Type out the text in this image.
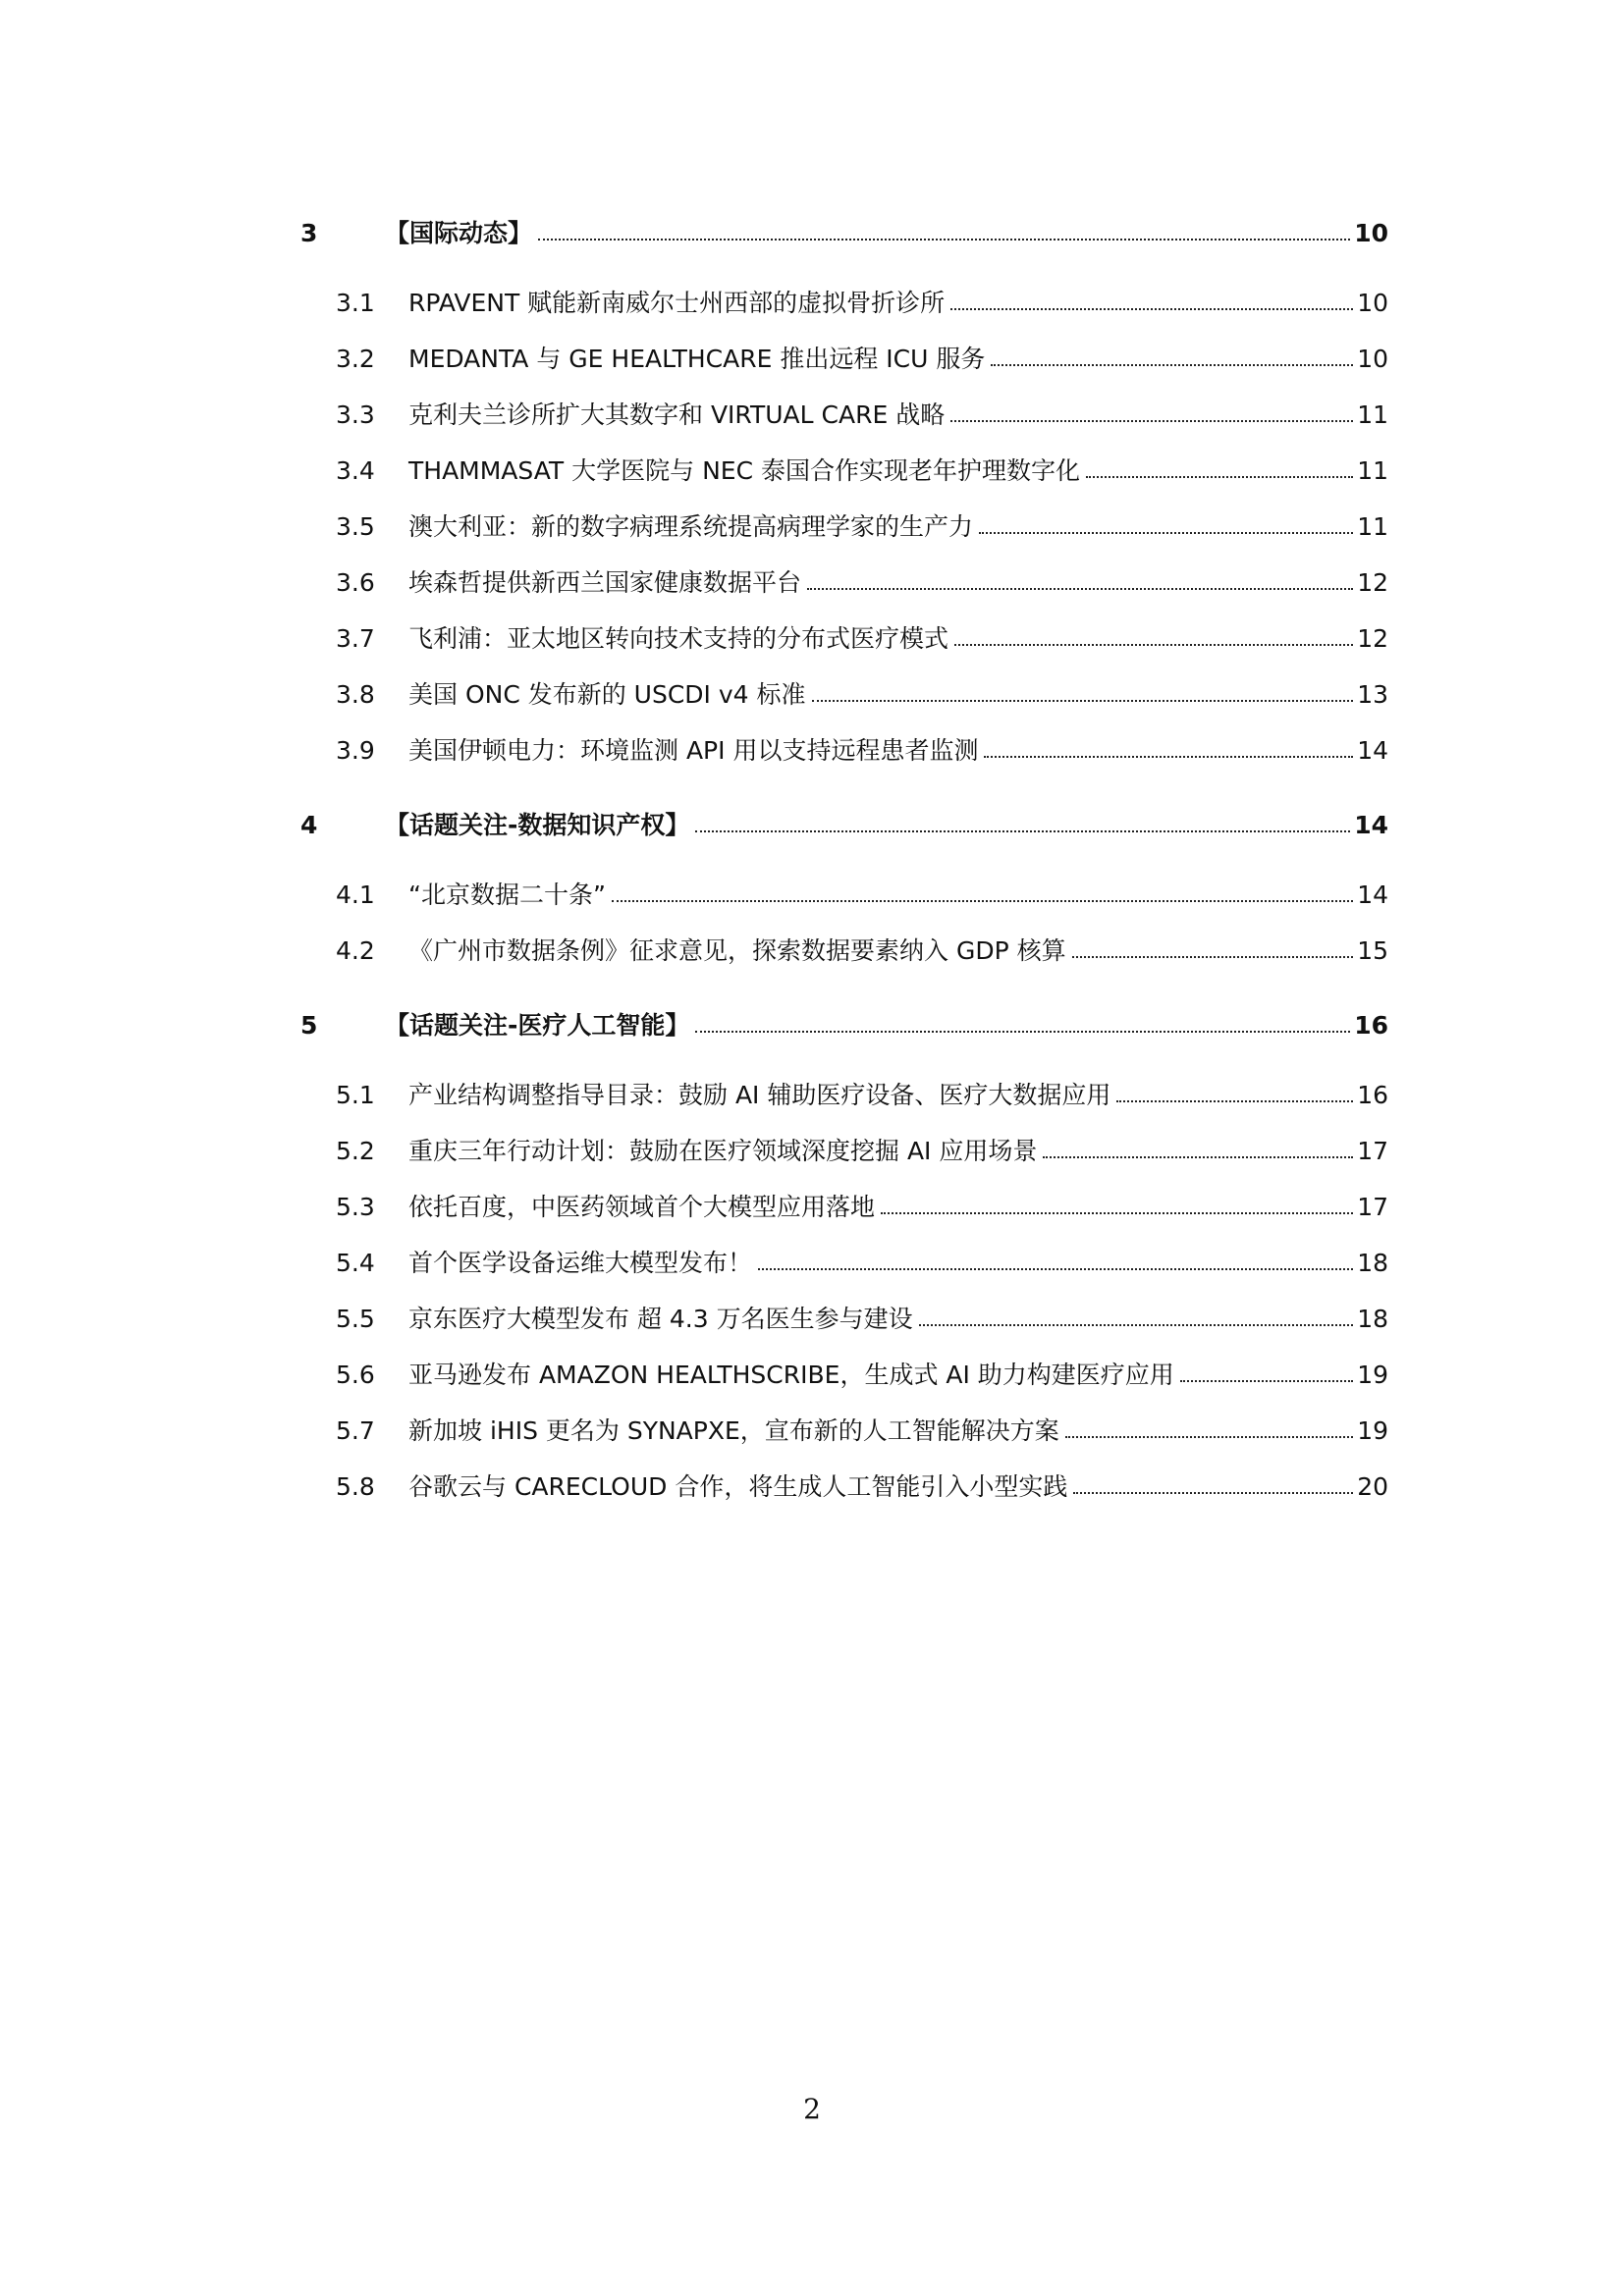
3	【国际动态】	10
3.1	RPAVENT 赋能新南威尔士州西部的虚拟骨折诊所	10
3.2	MEDANTA 与 GE HEALTHCARE 推出远程 ICU 服务	10
3.3	克利夫兰诊所扩大其数字和 VIRTUAL CARE 战略	11
3.4	THAMMASAT 大学医院与 NEC 泰国合作实现老年护理数字化	11
3.5	澳大利亚：新的数字病理系统提高病理学家的生产力	11
3.6	埃森哲提供新西兰国家健康数据平台	12
3.7	飞利浦：亚太地区转向技术支持的分布式医疗模式	12
3.8	美国 ONC 发布新的 USCDI v4 标准	13
3.9	美国伊顿电力：环境监测 API 用以支持远程患者监测	14
4	【话题关注-数据知识产权】	14
4.1	“北京数据二十条”	14
4.2	《广州市数据条例》征求意见，探索数据要素纳入 GDP 核算	15
5	【话题关注-医疗人工智能】	16
5.1	产业结构调整指导目录：鼓励 AI 辅助医疗设备、医疗大数据应用	16
5.2	重庆三年行动计划：鼓励在医疗领域深度挖掘 AI 应用场景	17
5.3	依托百度，中医药领域首个大模型应用落地	17
5.4	首个医学设备运维大模型发布！	18
5.5	京东医疗大模型发布 超 4.3 万名医生参与建设	18
5.6	亚马逊发布 AMAZON HEALTHSCRIBE，生成式 AI 助力构建医疗应用	19
5.7	新加坡 iHIS 更名为 SYNAPXE，宣布新的人工智能解决方案	19
5.8	谷歌云与 CARECLOUD 合作，将生成人工智能引入小型实践	20
2
